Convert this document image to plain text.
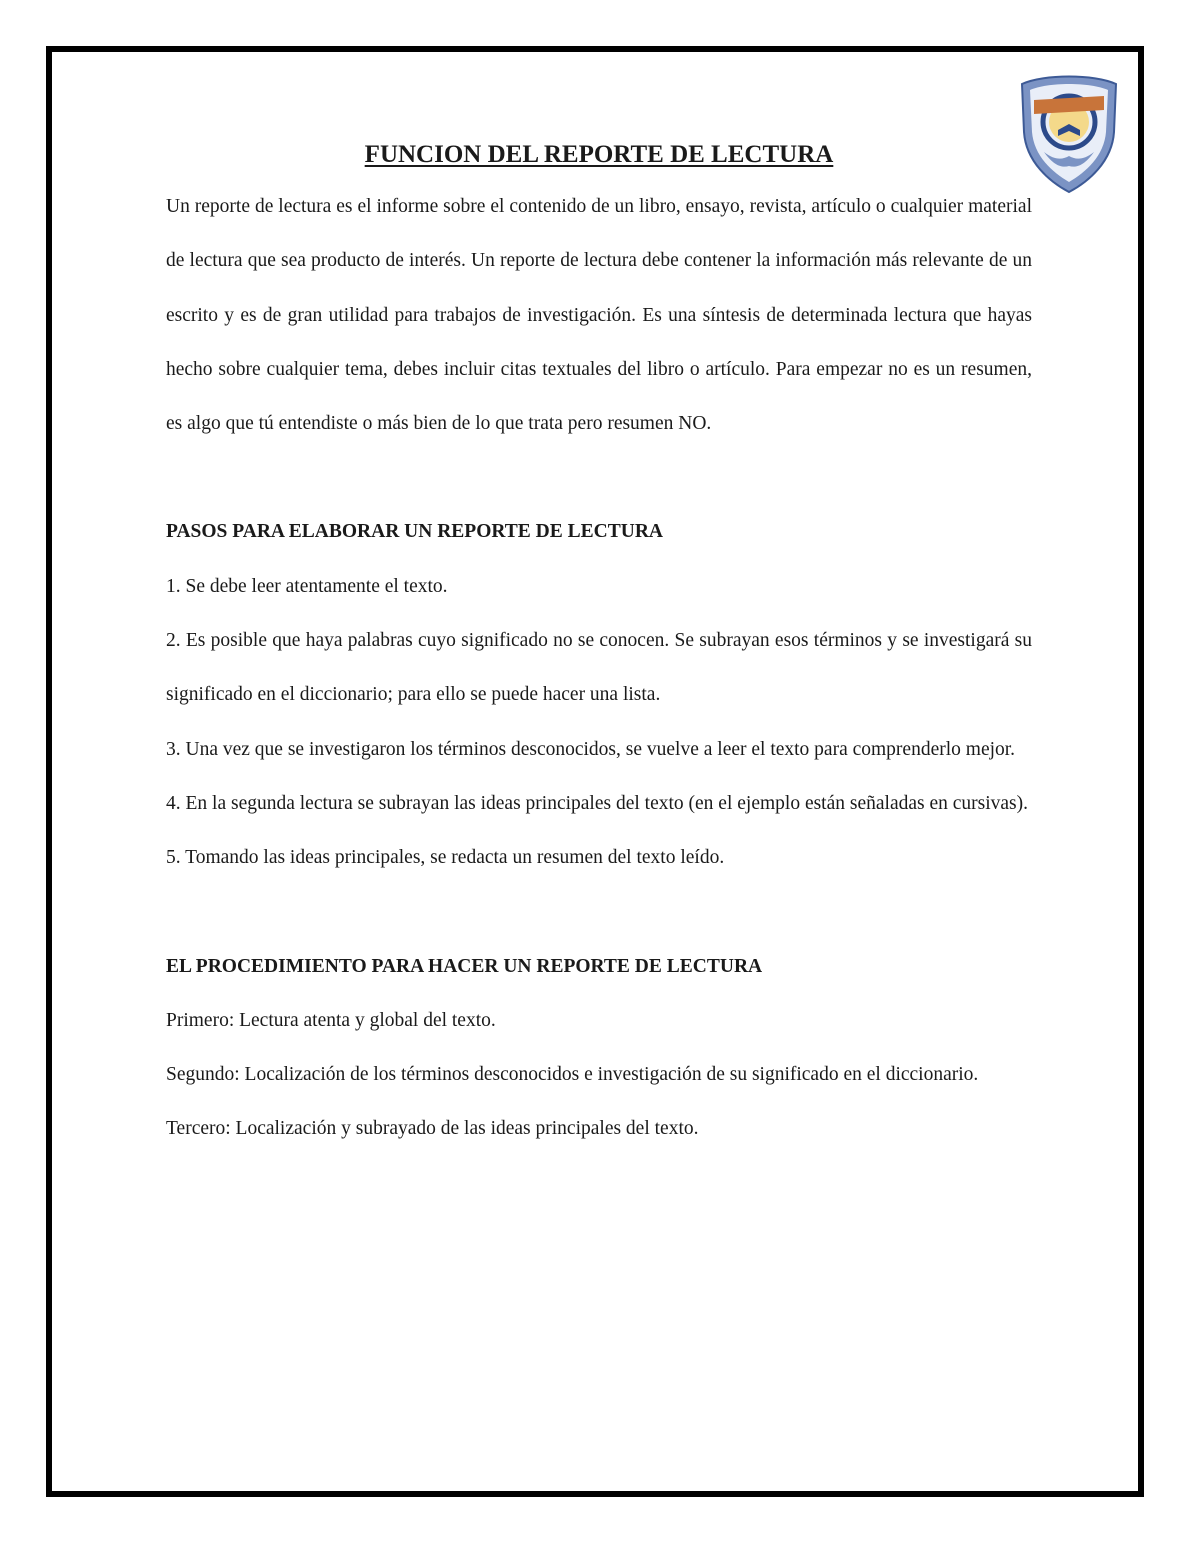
FUNCION DEL REPORTE DE LECTURA

Un reporte de lectura es el informe sobre el contenido de un libro, ensayo, revista, artículo o cualquier material de lectura que sea producto de interés. Un reporte de lectura debe contener la información más relevante de un escrito y es de gran utilidad para trabajos de investigación. Es una síntesis de determinada lectura que hayas hecho sobre cualquier tema, debes incluir citas textuales del libro o artículo. Para empezar no es un resumen, es algo que tú entendiste o más bien de lo que trata pero resumen NO.

PASOS PARA ELABORAR UN REPORTE DE LECTURA

1. Se debe leer atentamente el texto.

2. Es posible que haya palabras cuyo significado no se conocen. Se subrayan esos términos y se investigará su significado en el diccionario; para ello se puede hacer una lista.

3. Una vez que se investigaron los términos desconocidos, se vuelve a leer el texto para comprenderlo mejor.

4. En la segunda lectura se subrayan las ideas principales del texto (en el ejemplo están señaladas en cursivas).

5. Tomando las ideas principales, se redacta un resumen del texto leído.

EL PROCEDIMIENTO PARA HACER UN REPORTE DE LECTURA

Primero: Lectura atenta y global del texto.

Segundo: Localización de los términos desconocidos e investigación de su significado en el diccionario.

Tercero: Localización y subrayado de las ideas principales del texto.
